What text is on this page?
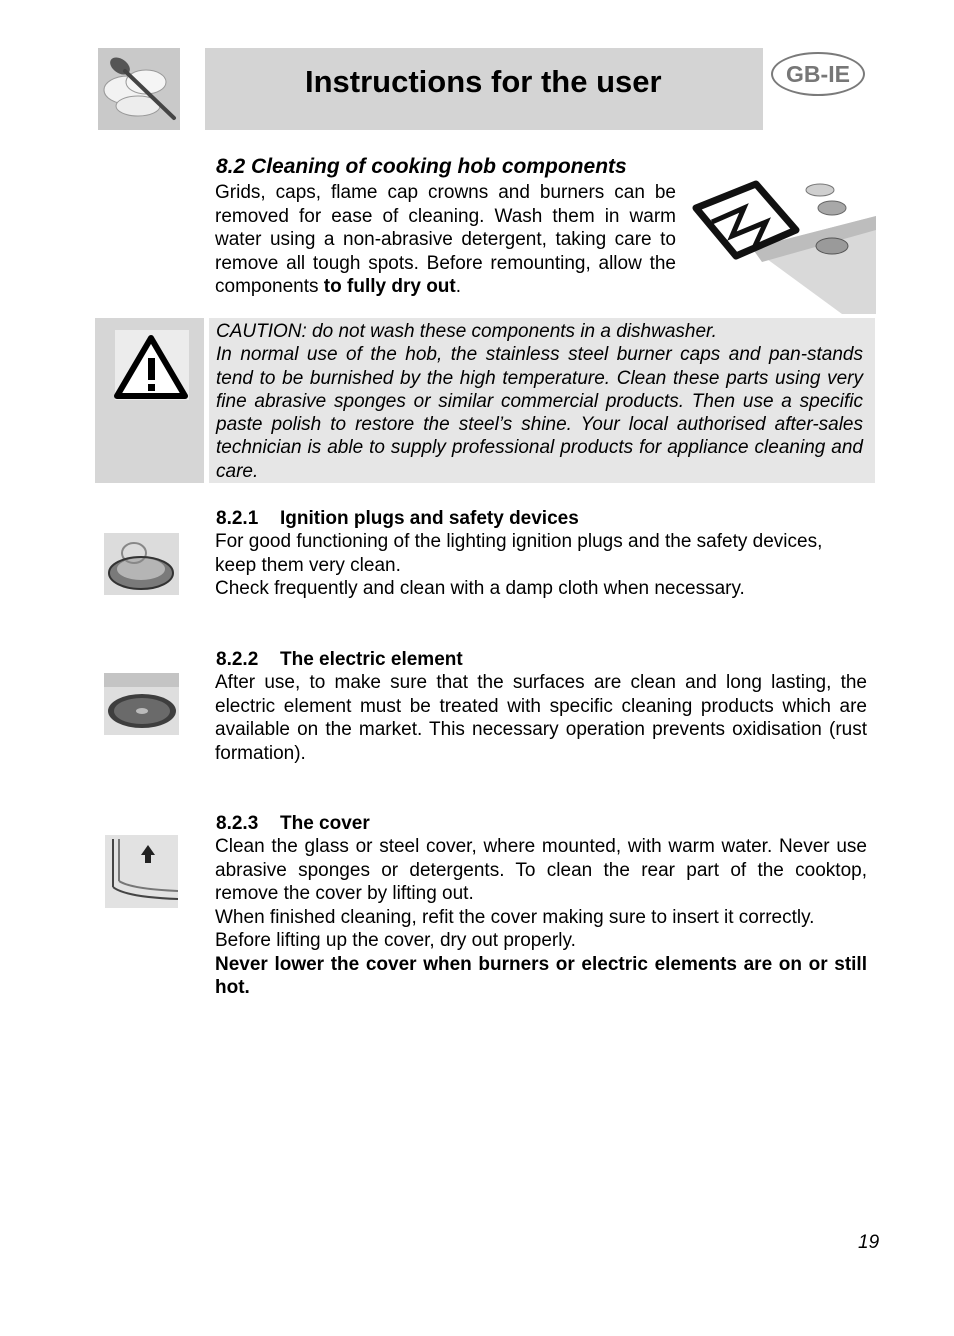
Instructions for the user	GB-IE
8.2 Cleaning of cooking hob components
Grids, caps, flame cap crowns and burners can be removed for ease of cleaning. Wash them in warm water using a non-abrasive detergent, taking care to remove all tough spots. Before remounting, allow the components to fully dry out.
CAUTION: do not wash these components in a dishwasher.
In normal use of the hob, the stainless steel burner caps and pan-stands tend to be burnished by the high temperature. Clean these parts using very fine abrasive sponges or similar commercial products. Then use a specific paste polish to restore the steel’s shine. Your local authorised after-sales technician is able to supply professional products for appliance cleaning and care.
8.2.1 Ignition plugs and safety devices
For good functioning of the lighting ignition plugs and the safety devices, keep them very clean.
Check frequently and clean with a damp cloth when necessary.
8.2.2 The electric element
After use, to make sure that the surfaces are clean and long lasting, the electric element must be treated with specific cleaning products which are available on the market. This necessary operation prevents oxidisation (rust formation).
8.2.3 The cover
Clean the glass or steel cover, where mounted, with warm water. Never use abrasive sponges or detergents. To clean the rear part of the cooktop, remove the cover by lifting out.
When finished cleaning, refit the cover making sure to insert it correctly.
Before lifting up the cover, dry out properly.
Never lower the cover when burners or electric elements are on or still hot.
19
